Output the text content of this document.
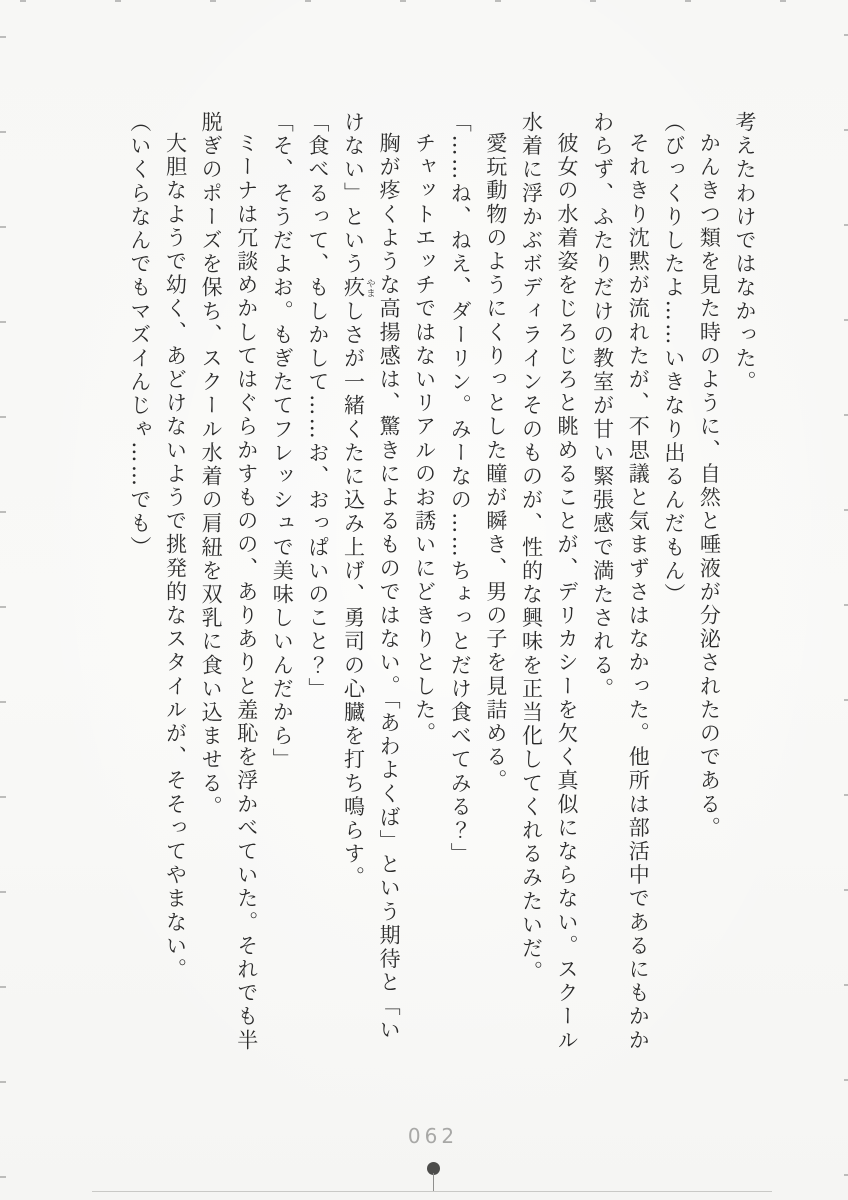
考えたわけではなかった。

かんきつ類を見た時のように、自然と唾液が分泌されたのである。

（びっくりしたよ……いきなり出るんだもん）

それきり沈黙が流れたが、不思議と気まずさはなかった。他所は部活中であるにもかかわらず、ふたりだけの教室が甘い緊張感で満たされる。

彼女の水着姿をじろじろと眺めることが、デリカシーを欠く真似にならない。スクール水着に浮かぶボディラインそのものが、性的な興味を正当化してくれるみたいだ。

愛玩動物のようにくりっとした瞳が瞬き、男の子を見詰める。

「……ね、ねえ、ダーリン。みーなの……ちょっとだけ食べてみる？」

チャットエッチではないリアルのお誘いにどきりとした。

胸が疼くような高揚感は、驚きによるものではない。「あわよくば」という期待と「いけない」という疚やましさが一緒くたに込み上げ、勇司の心臓を打ち鳴らす。

「食べるって、もしかして……お、おっぱいのこと？」

「そ、そうだよお。もぎたてフレッシュで美味しいんだから」

ミーナは冗談めかしてはぐらかすものの、ありありと羞恥を浮かべていた。それでも半脱ぎのポーズを保ち、スクール水着の肩紐を双乳に食い込ませる。

大胆なようで幼く、あどけないようで挑発的なスタイルが、そそってやまない。

（いくらなんでもマズイんじゃ……でも）

062
